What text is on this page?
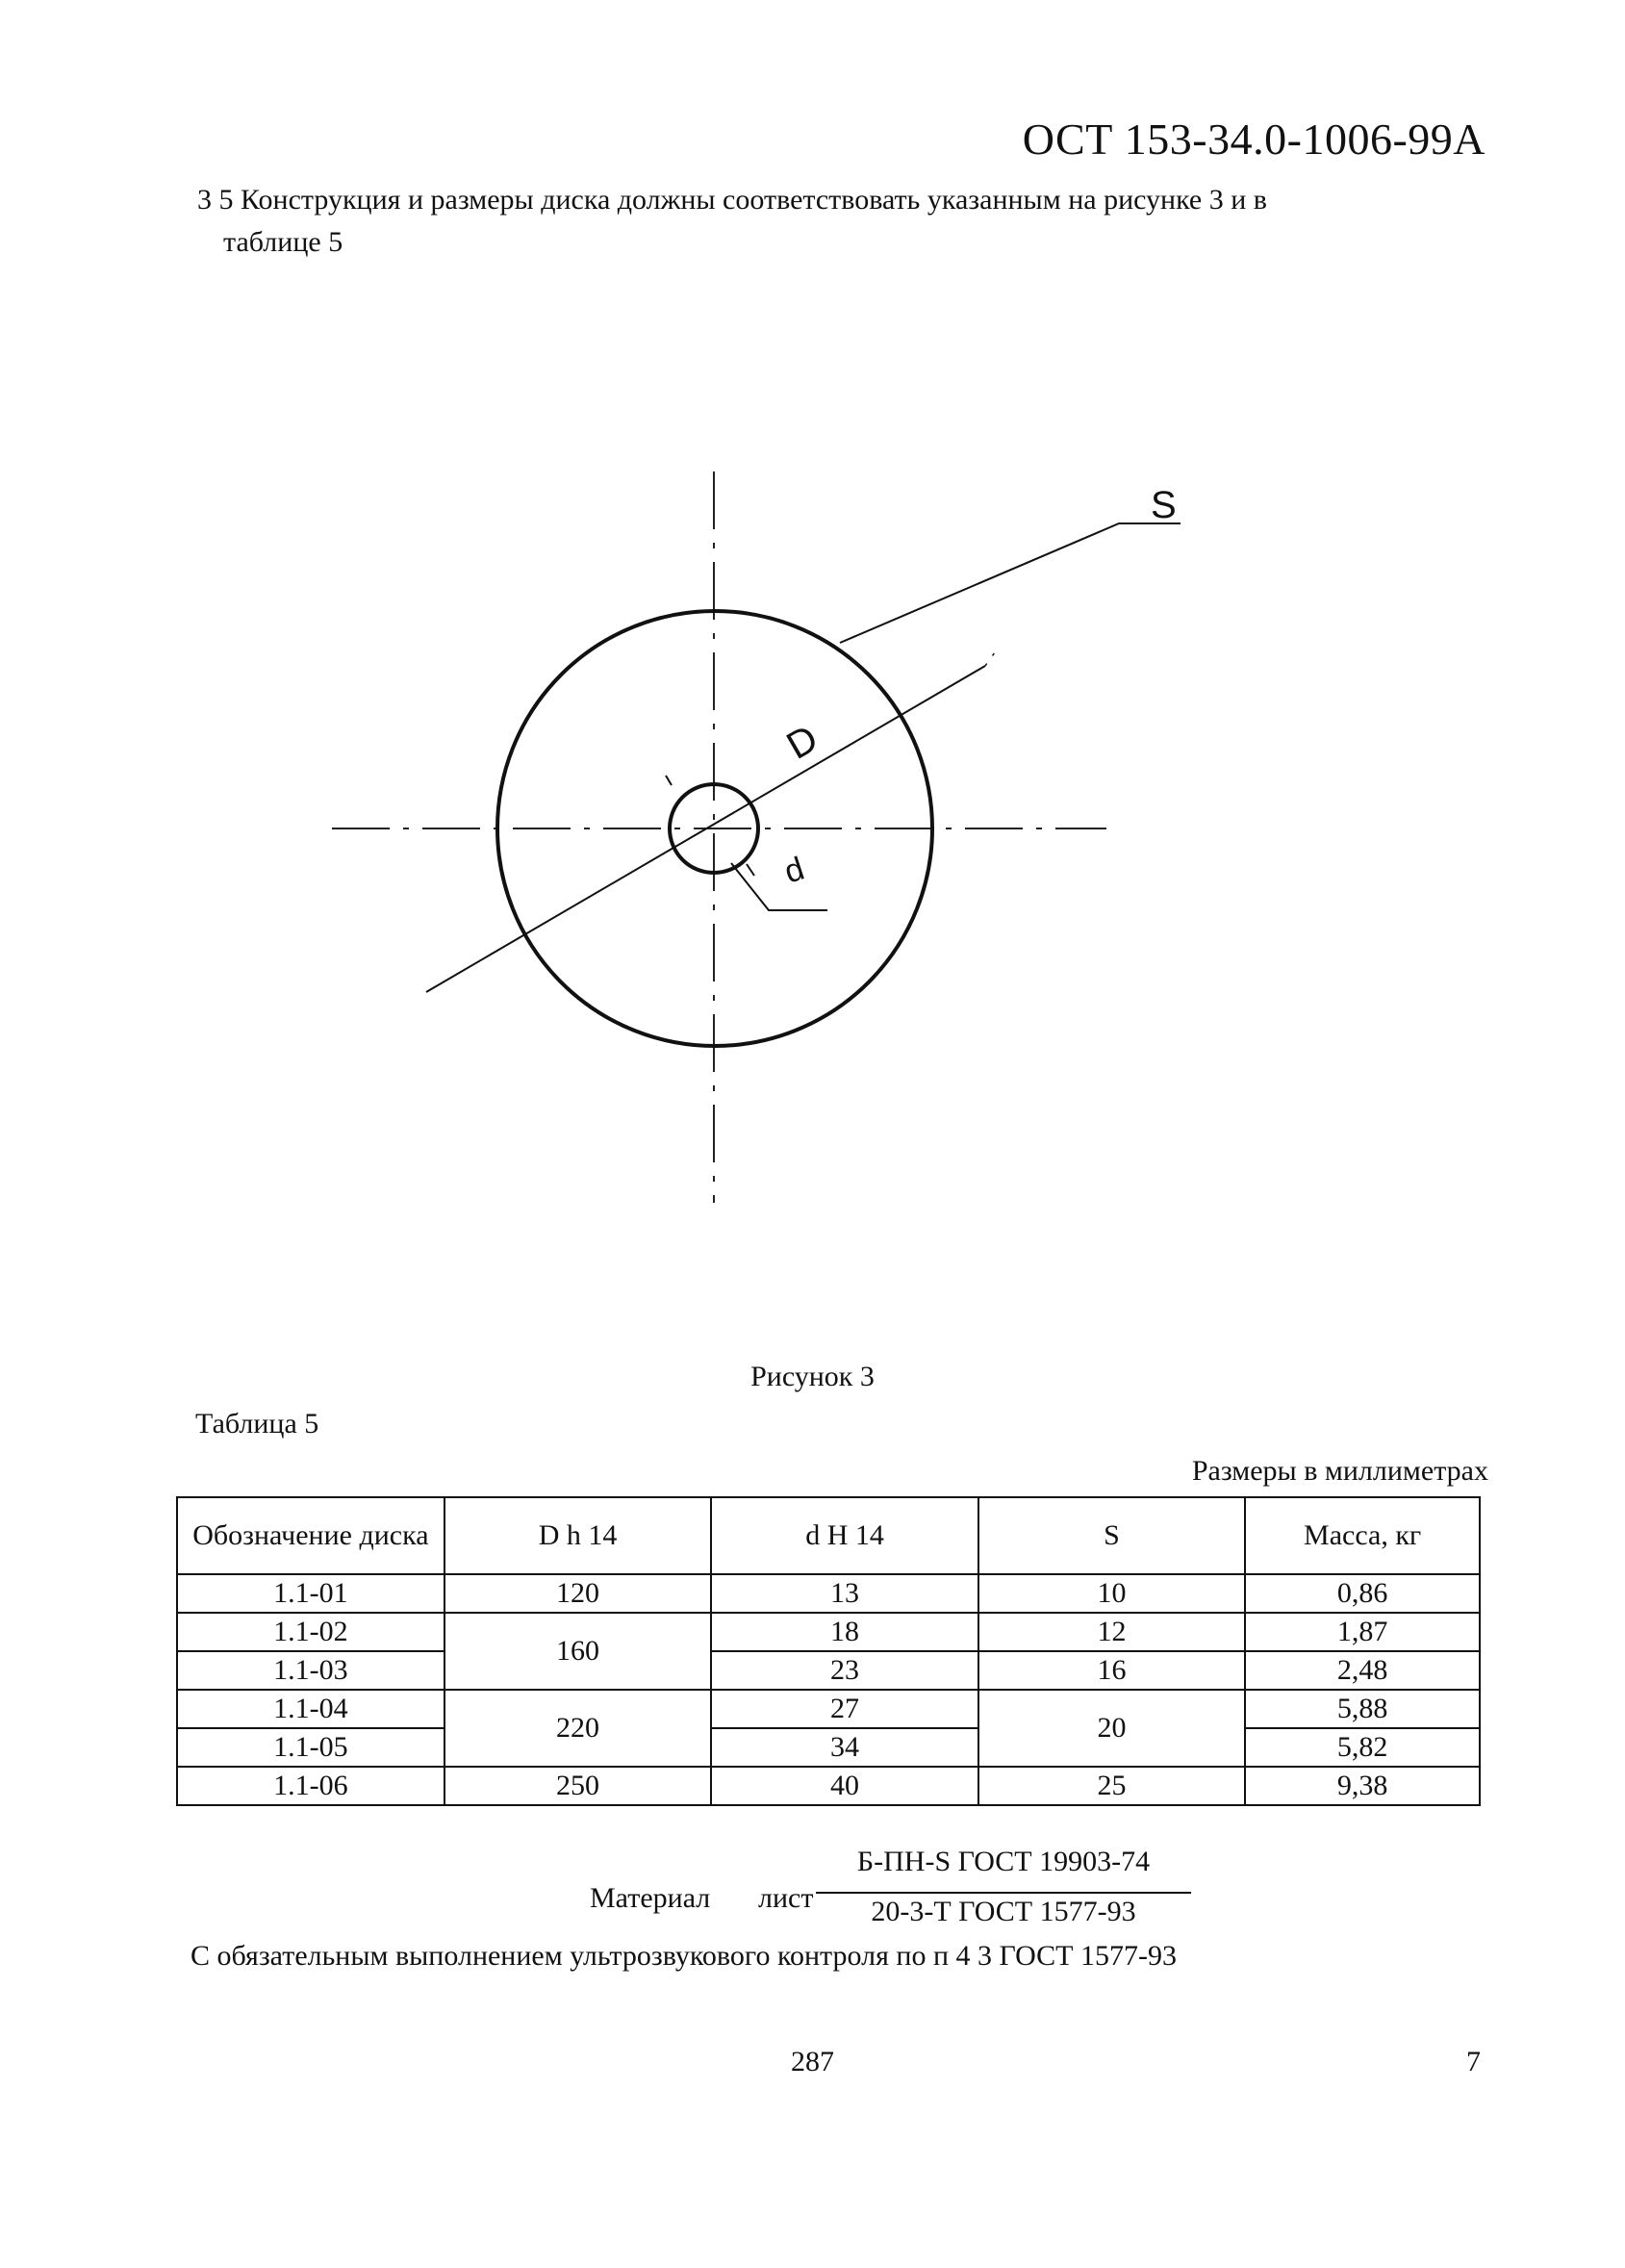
ОСТ 153-34.0-1006-99А
3 5 Конструкция и размеры диска должны соответствовать указанным на рисунке 3 и в
таблице 5
S
D
d
Рисунок 3
Таблица 5
Размеры в миллиметрах
Обозначение диска	D h 14	d H 14	S	Масса, кг
1.1-01	120	13	10	0,86
1.1-02	160	18	12	1,87
1.1-03		23	16	2,48
1.1-04	220	27	20	5,88
1.1-05		34		5,82
1.1-06	250	40	25	9,38
Материал лист
Б-ПН-S ГОСТ 19903-74
20-3-Т ГОСТ 1577-93
С обязательным выполнением ультрозвукового контроля по п 4 3 ГОСТ 1577-93
287	7
